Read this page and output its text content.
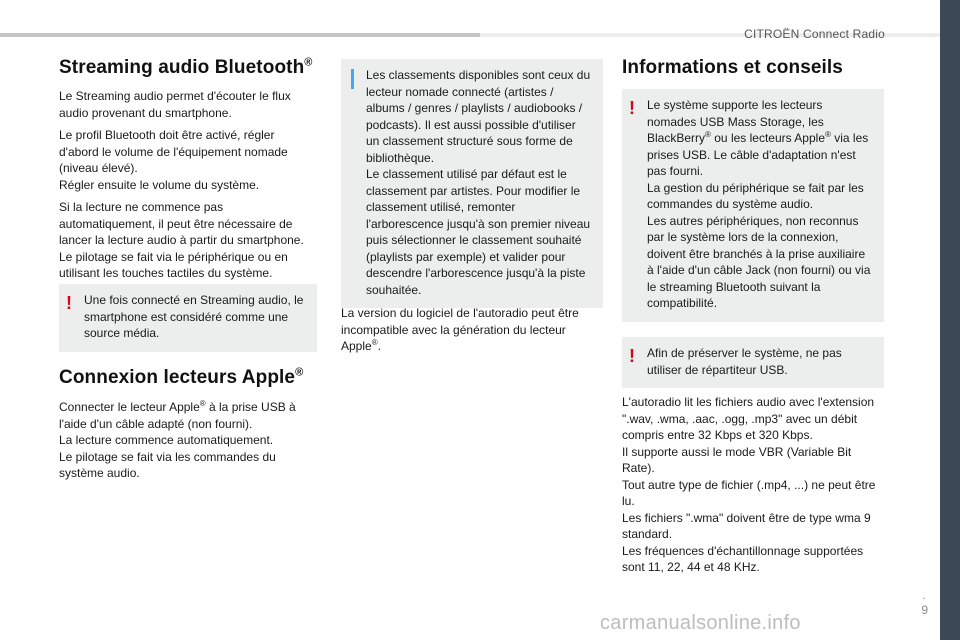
CITROËN Connect Radio
Streaming audio Bluetooth®

Le Streaming audio permet d'écouter le flux audio provenant du smartphone.

Le profil Bluetooth doit être activé, régler d'abord le volume de l'équipement nomade (niveau élevé).
Régler ensuite le volume du système.

Si la lecture ne commence pas automatiquement, il peut être nécessaire de lancer la lecture audio à partir du smartphone.
Le pilotage se fait via le périphérique ou en utilisant les touches tactiles du système.

! Une fois connecté en Streaming audio, le smartphone est considéré comme une source média.
Connexion lecteurs Apple®

Connecter le lecteur Apple® à la prise USB à l'aide d'un câble adapté (non fourni).
La lecture commence automatiquement.
Le pilotage se fait via les commandes du système audio.

Les classements disponibles sont ceux du lecteur nomade connecté (artistes / albums / genres / playlists / audiobooks / podcasts). Il est aussi possible d'utiliser un classement structuré sous forme de bibliothèque.
Le classement utilisé par défaut est le classement par artistes. Pour modifier le classement utilisé, remonter l'arborescence jusqu'à son premier niveau puis sélectionner le classement souhaité (playlists par exemple) et valider pour descendre l'arborescence jusqu'à la piste souhaitée.

La version du logiciel de l'autoradio peut être incompatible avec la génération du lecteur Apple®.

Informations et conseils
! Le système supporte les lecteurs nomades USB Mass Storage, les BlackBerry® ou les lecteurs Apple® via les prises USB. Le câble d'adaptation n'est pas fourni.
La gestion du périphérique se fait par les commandes du système audio.
Les autres périphériques, non reconnus par le système lors de la connexion, doivent être branchés à la prise auxiliaire à l'aide d'un câble Jack (non fourni) ou via le streaming Bluetooth suivant la compatibilité.
! Afin de préserver le système, ne pas utiliser de répartiteur USB.

L'autoradio lit les fichiers audio avec l'extension ".wav, .wma, .aac, .ogg, .mp3" avec un débit compris entre 32 Kbps et 320 Kbps.
Il supporte aussi le mode VBR (Variable Bit Rate).
Tout autre type de fichier (.mp4, ...) ne peut être lu.
Les fichiers ".wma" doivent être de type wma 9 standard.
Les fréquences d'échantillonnage supportées sont 11, 22, 44 et 48 KHz.

.
9
carmanualsonline.info
